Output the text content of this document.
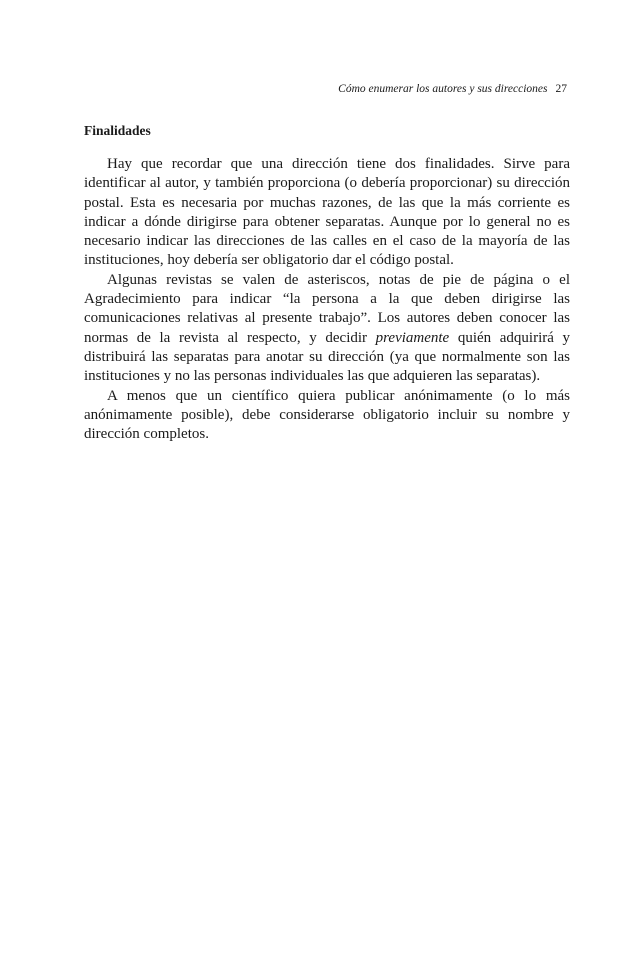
Cómo enumerar los autores y sus direcciones 27
Finalidades

Hay que recordar que una dirección tiene dos finalidades. Sirve para identificar al autor, y también proporciona (o debería proporcionar) su dirección postal. Esta es necesaria por muchas razones, de las que la más corriente es indicar a dónde dirigirse para obtener separatas. Aunque por lo general no es necesario indicar las direcciones de las calles en el caso de la mayoría de las instituciones, hoy debería ser obligatorio dar el código postal.

Algunas revistas se valen de asteriscos, notas de pie de página o el Agradecimiento para indicar “la persona a la que deben dirigirse las comunicaciones relativas al presente trabajo”. Los autores deben conocer las normas de la revista al respecto, y decidir previamente quién adquirirá y distribuirá las separatas para anotar su dirección (ya que normalmente son las instituciones y no las personas individuales las que adquieren las separatas).

A menos que un científico quiera publicar anónimamente (o lo más anónimamente posible), debe considerarse obligatorio incluir su nombre y dirección completos.
